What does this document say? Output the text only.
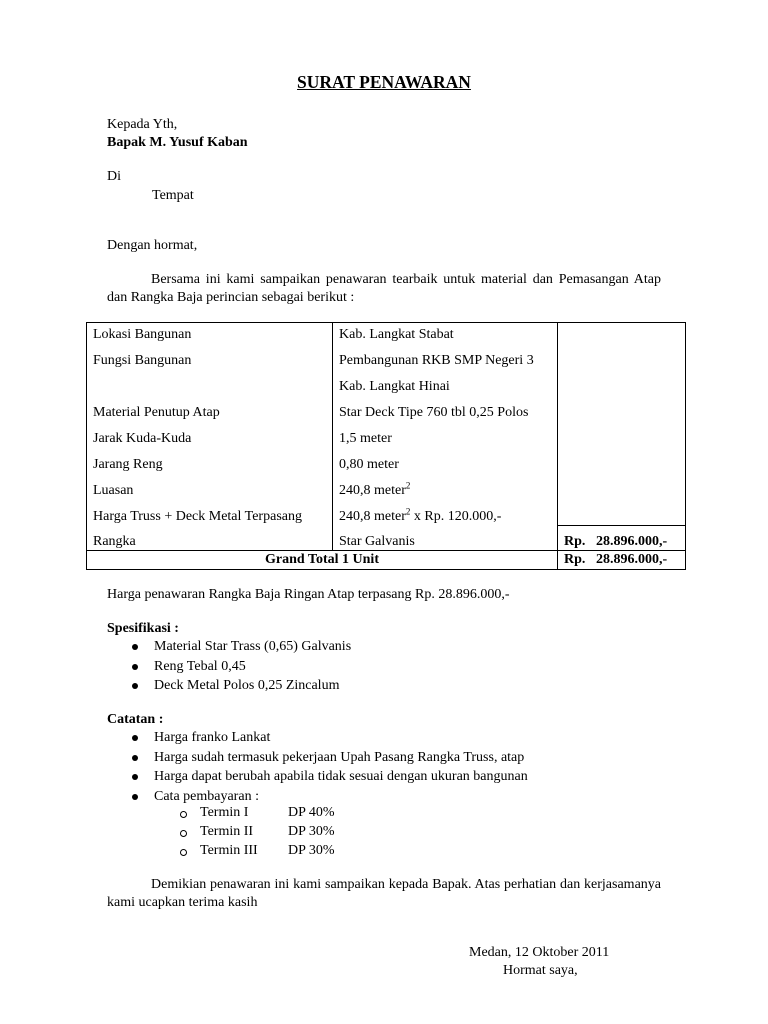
SURAT PENAWARAN
Kepada Yth,
Bapak M. Yusuf Kaban
Di
Tempat
Dengan hormat,
Bersama ini kami sampaikan penawaran tearbaik untuk material dan Pemasangan Atap dan Rangka Baja perincian sebagai berikut :
Lokasi Bangunan	Kab. Langkat Stabat	
Fungsi Bangunan	Pembangunan RKB SMP Negeri 3	
	Kab. Langkat Hinai	
Material Penutup Atap	Star Deck Tipe 760 tbl 0,25 Polos	
Jarak Kuda-Kuda	1,5 meter	
Jarang Reng	0,80 meter	
Luasan	240,8 meter$^2$	
Harga Truss + Deck Metal Terpasang	240,8 meter$^2$ x Rp. 120.000,-	
Rangka	Star Galvanis	Rp. 28.896.000,-
Grand Total 1 Unit		Rp. 28.896.000,-
Harga penawaran Rangka Baja Ringan Atap terpasang Rp. 28.896.000,-
Spesifikasi :
Material Star Trass (0,65) Galvanis
Reng Tebal 0,45
Deck Metal Polos 0,25 Zincalum
Catatan :
Harga franko Lankat
Harga sudah termasuk pekerjaan Upah Pasang Rangka Truss, atap
Harga dapat berubah apabila tidak sesuai dengan ukuran bangunan
Cata pembayaran :
Termin I	DP 40%
Termin II DP 30%
Termin III DP 30%
Demikian penawaran ini kami sampaikan kepada Bapak. Atas perhatian dan kerjasamanya kami ucapkan terima kasih
Medan, 12 Oktober 2011
Hormat saya,
